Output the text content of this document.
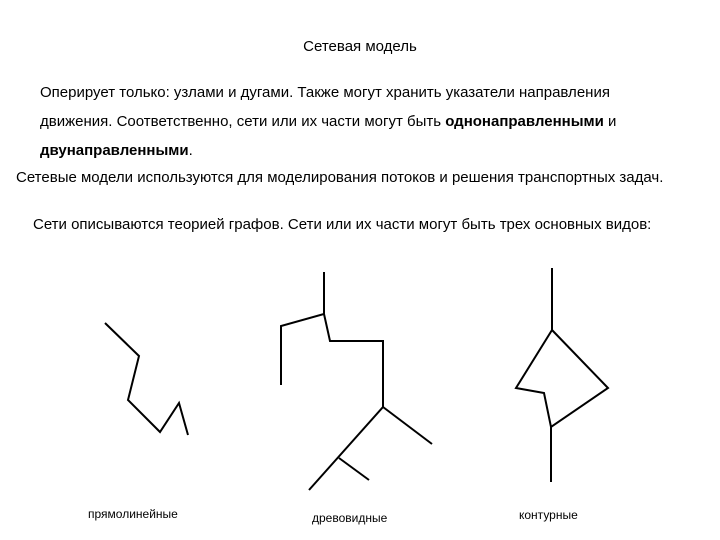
Сетевая модель
Оперирует только: узлами и дугами. Также могут хранить указатели направления движения. Соответственно, сети или их части могут быть однонаправленными и двунаправленными.
Сетевые модели используются для моделирования потоков и решения транспортных задач.
Сети описываются теорией графов. Сети или их части могут быть трех основных видов:
прямолинейные	древовидные	контурные
